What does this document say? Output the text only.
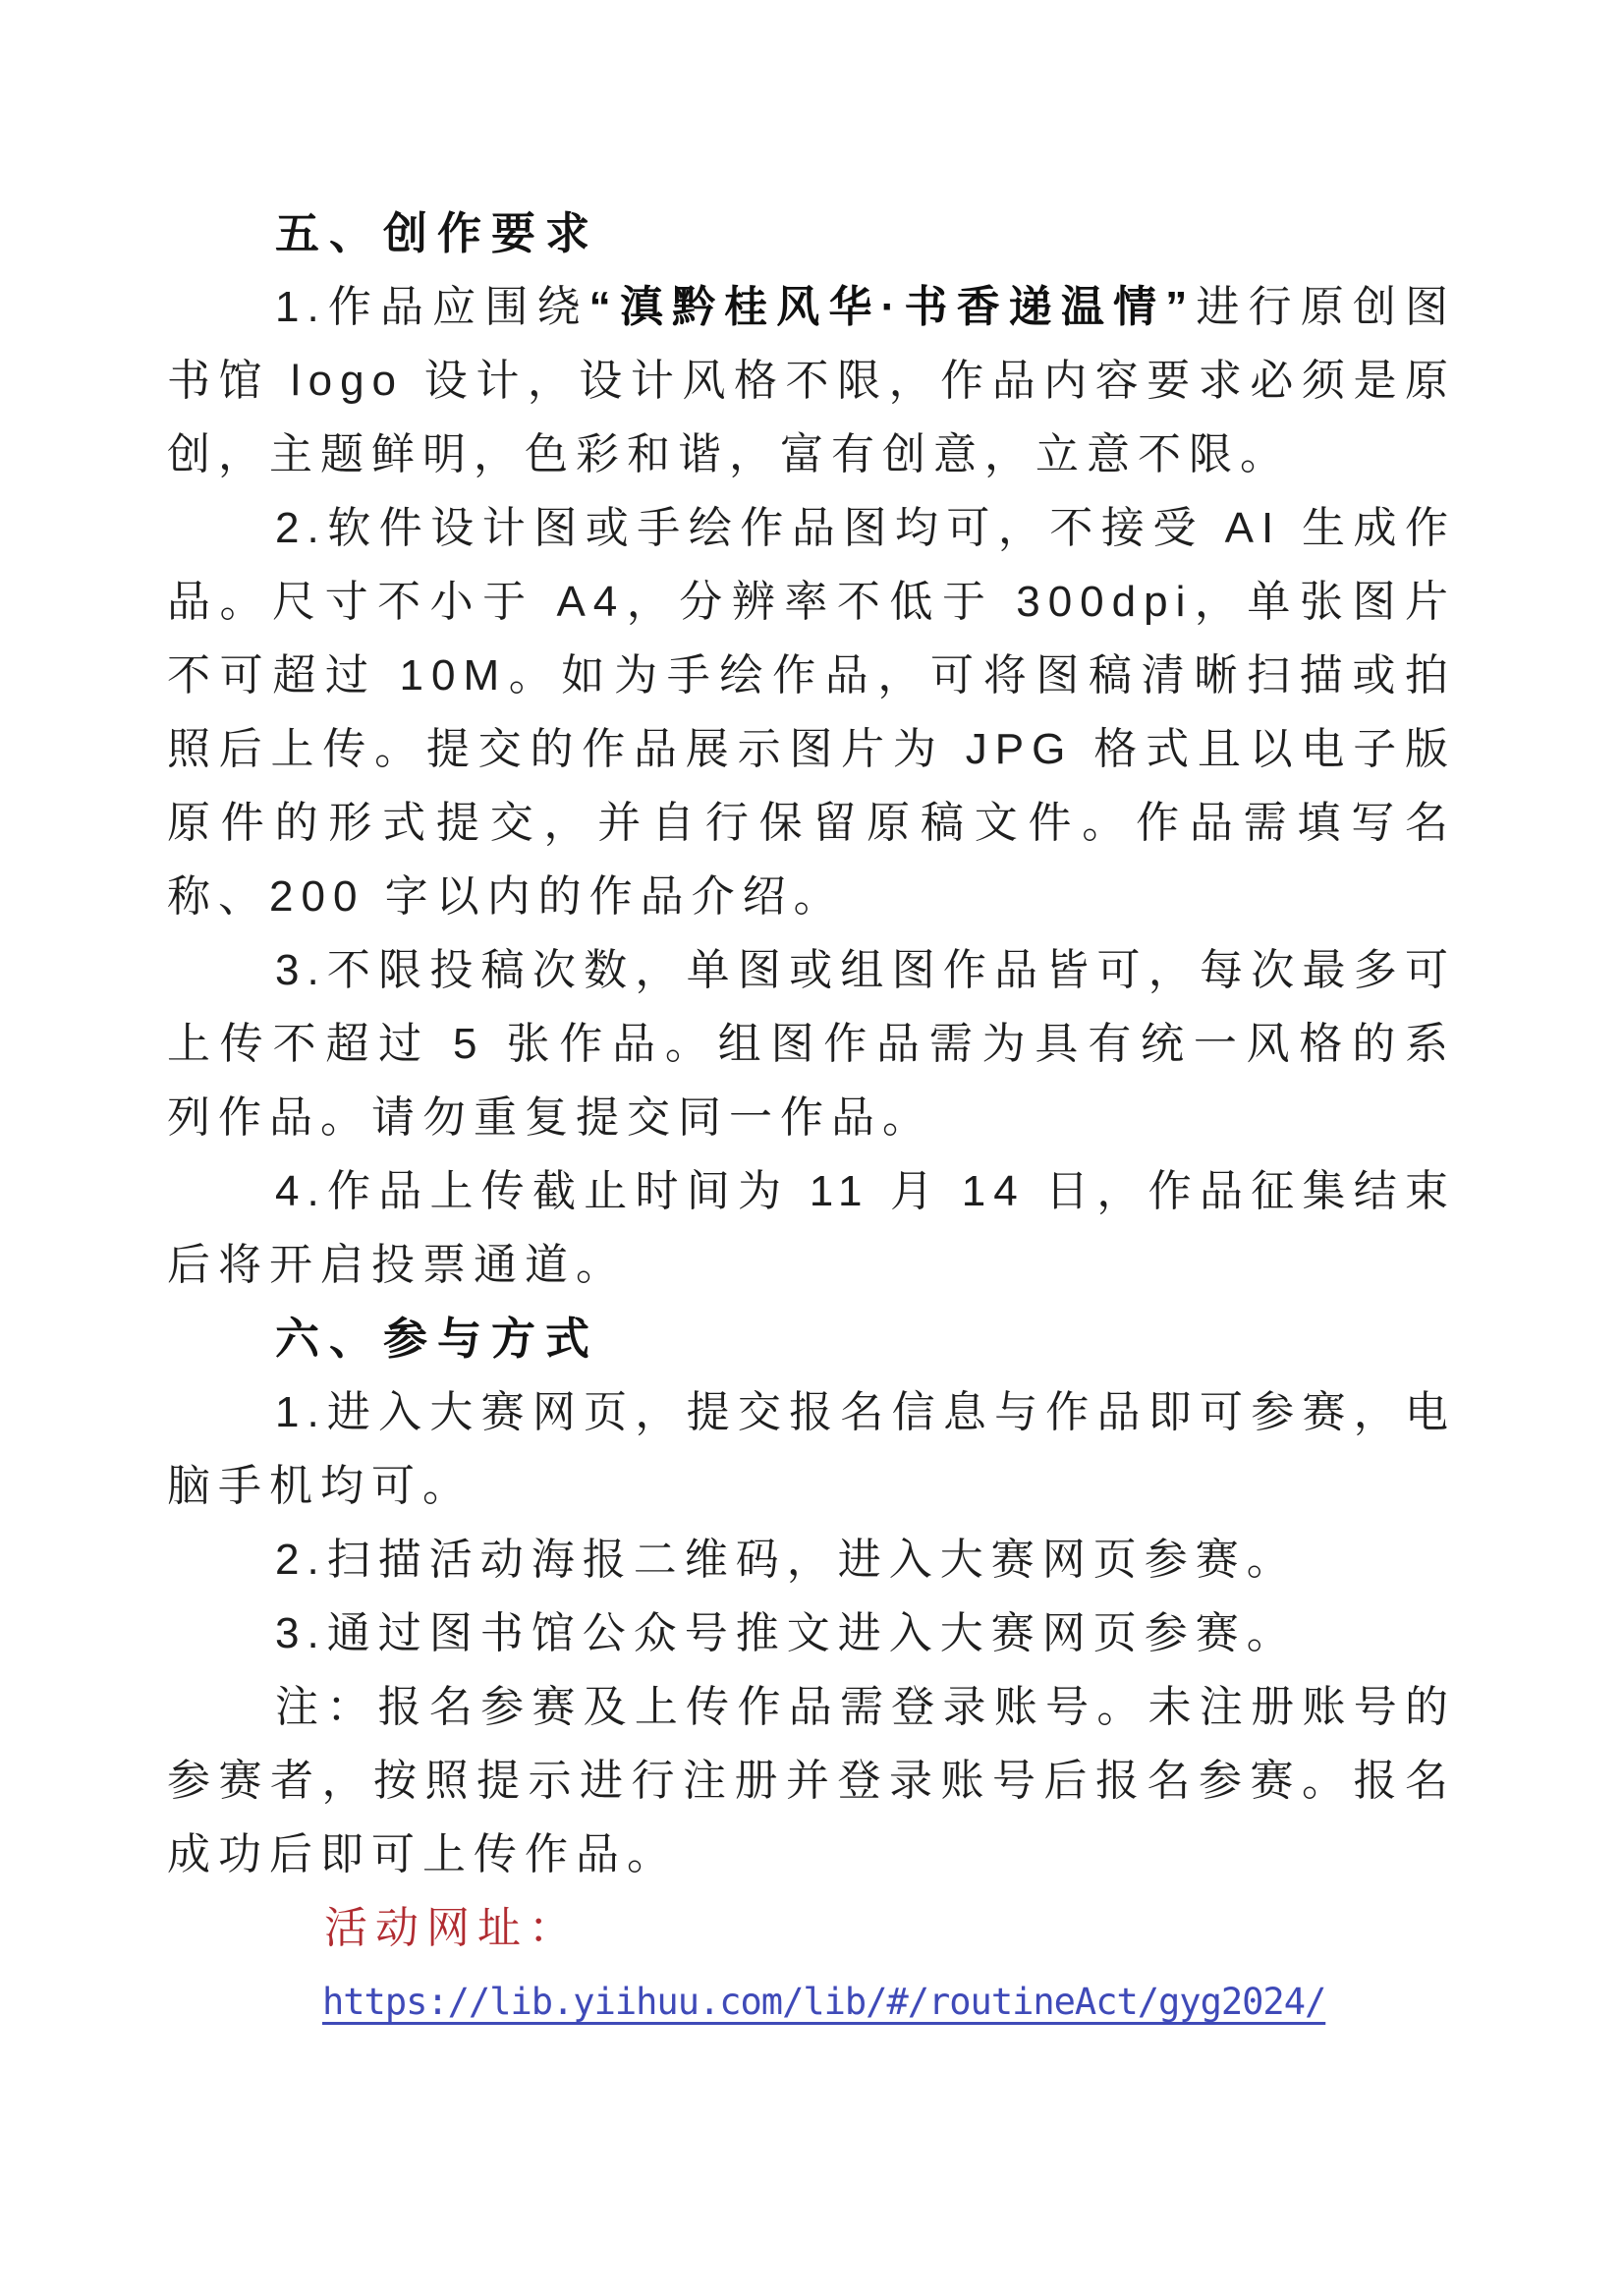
五、创作要求

1.作品应围绕“滇黔桂风华·书香递温情”进行原创图书馆 logo 设计，设计风格不限，作品内容要求必须是原创，主题鲜明，色彩和谐，富有创意，立意不限。

2.软件设计图或手绘作品图均可，不接受 AI 生成作品。尺寸不小于 A4，分辨率不低于 300dpi，单张图片不可超过 10M。如为手绘作品，可将图稿清晰扫描或拍照后上传。提交的作品展示图片为 JPG 格式且以电子版原件的形式提交，并自行保留原稿文件。作品需填写名称、200 字以内的作品介绍。

3.不限投稿次数，单图或组图作品皆可，每次最多可上传不超过 5 张作品。组图作品需为具有统一风格的系列作品。请勿重复提交同一作品。

4.作品上传截止时间为 11 月 14 日，作品征集结束后将开启投票通道。

六、参与方式

1.进入大赛网页，提交报名信息与作品即可参赛，电脑手机均可。

2.扫描活动海报二维码，进入大赛网页参赛。

3.通过图书馆公众号推文进入大赛网页参赛。

注：报名参赛及上传作品需登录账号。未注册账号的参赛者，按照提示进行注册并登录账号后报名参赛。报名成功后即可上传作品。

活动网址：

https://lib.yiihuu.com/lib/#/routineAct/gyg2024/
